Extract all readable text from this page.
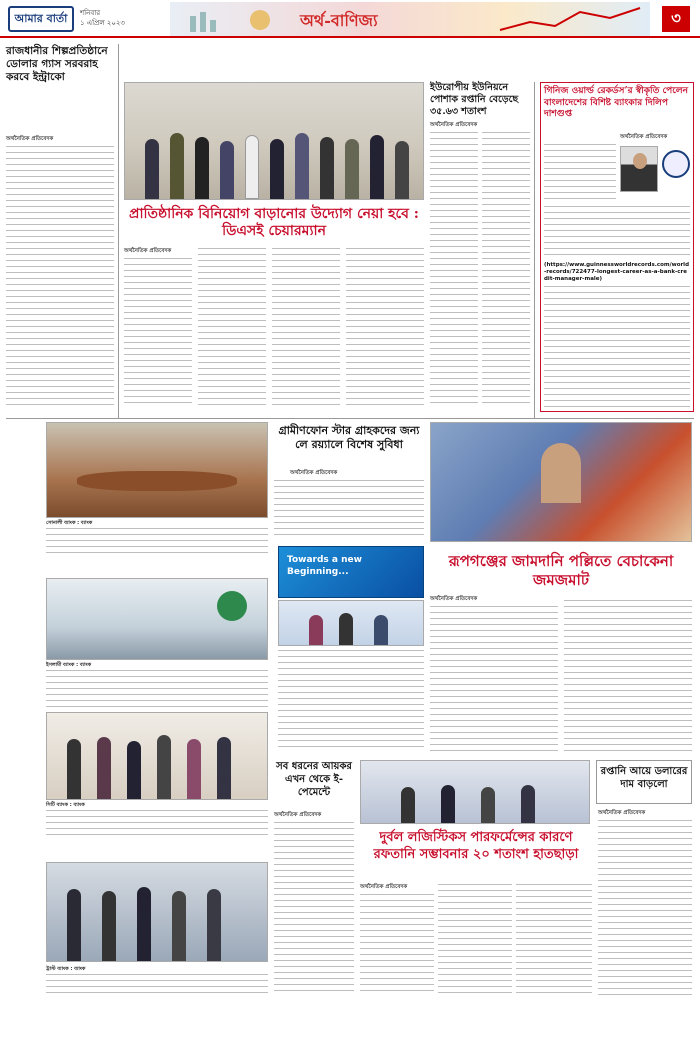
আমার বার্তা	শনিবার
১ এপ্রিল ২০২৩	অর্থ-বাণিজ্য	৩
রাজধানীর শিল্পপ্রতিষ্ঠানে ডোলার গ্যাস সরবরাহ করবে ইন্ট্রাকো
অর্থনৈতিক প্রতিবেদক
প্রাতিষ্ঠানিক বিনিয়োগ বাড়ানোর উদ্যোগ নেয়া হবে : ডিএসই চেয়ারম্যান
অর্থনৈতিক প্রতিবেদক
ইউরোপীয় ইউনিয়নে পোশাক রপ্তানি বেড়েছে ৩৫.৬৩ শতাংশ
অর্থনৈতিক প্রতিবেদক
গিনিজ ওয়ার্ল্ড রেকর্ডস’র স্বীকৃতি পেলেন বাংলাদেশের বিশিষ্ট ব্যাংকার দিলিপ দাশগুপ্ত
অর্থনৈতিক প্রতিবেদক
(https://www.guinnessworldrecords.com/world-records/722477-longest-career-as-a-bank-credit-manager-male)
সোনালী ব্যাংক : ব্যাংক
গ্রামীণফোন স্টার গ্রাহকদের জন্য লে রয়্যালে বিশেষ সুবিধা
অর্থনৈতিক প্রতিবেদক
রূপগঞ্জের জামদানি পল্লিতে বেচাকেনা জমজমাট
অর্থনৈতিক প্রতিবেদক
Towards a new
Beginning...
ইসলামী ব্যাংক : ব্যাংক
সিটি ব্যাংক : ব্যাংক
ট্রাস্ট ব্যাংক : ব্যাংক
সব ধরনের আয়কর এখন থেকে ই-পেমেন্টে
অর্থনৈতিক প্রতিবেদক
রপ্তানি আয়ে ডলারের দাম বাড়লো
অর্থনৈতিক প্রতিবেদক
দুর্বল লজিস্টিকস পারফর্মেন্সের কারণে রফতানি সম্ভাবনার ২০ শতাংশ হাতছাড়া
অর্থনৈতিক প্রতিবেদক
